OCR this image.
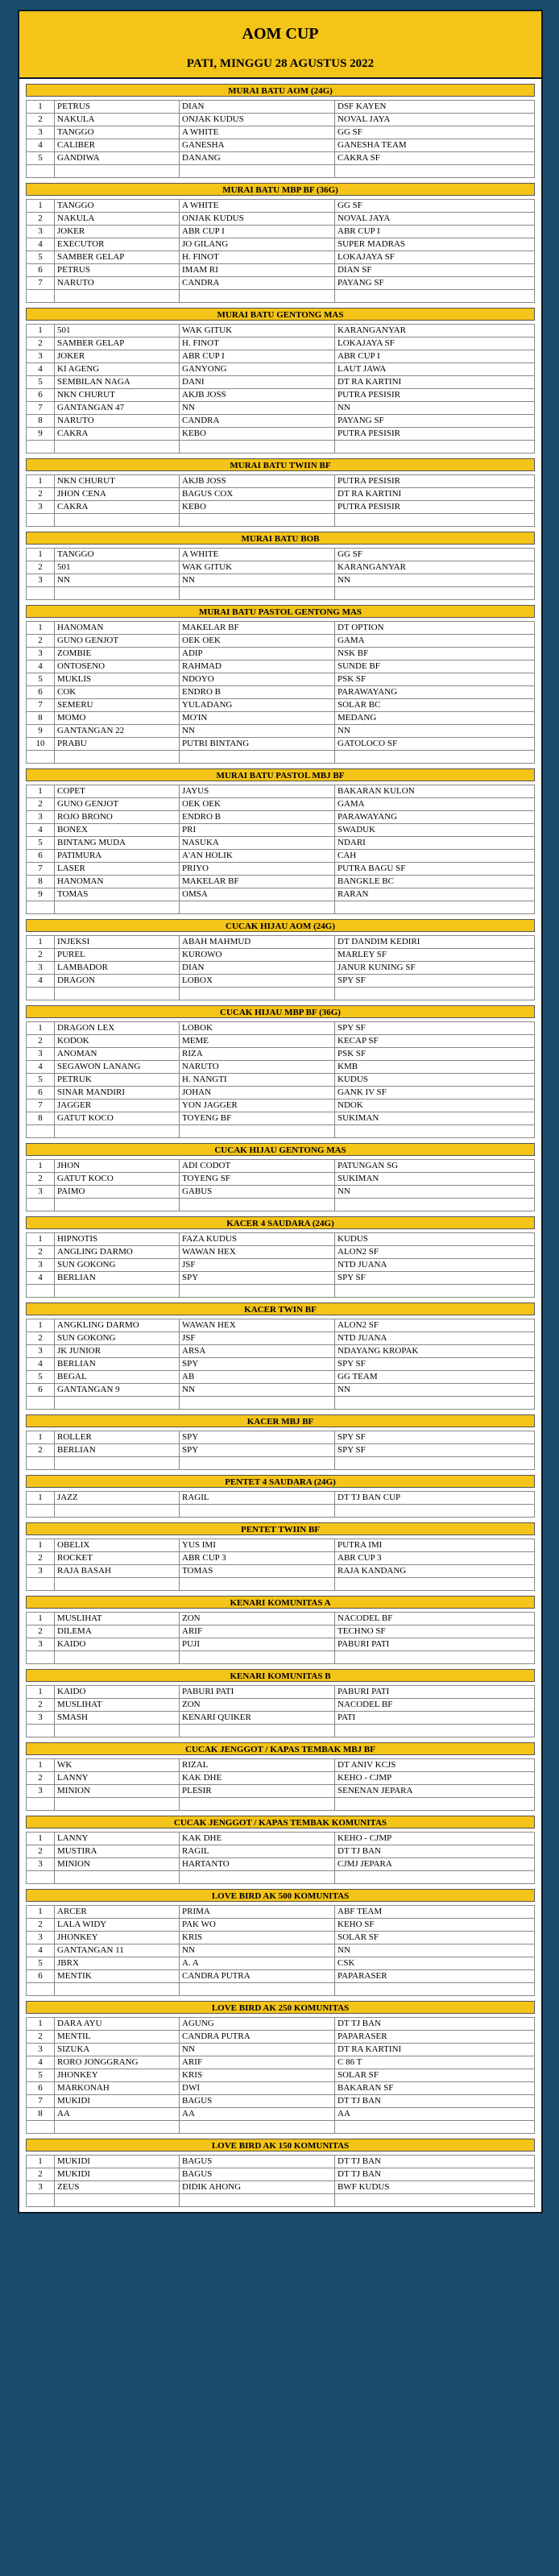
AOM CUP
PATI, MINGGU 28 AGUSTUS 2022
MURAI BATU AOM (24G)
1	PETRUS	DIAN	DSF KAYEN
2	NAKULA	ONJAK KUDUS	NOVAL JAYA
3	TANGGO	A WHITE	GG SF
4	CALIBER	GANESHA	GANESHA TEAM
5	GANDIWA	DANANG	CAKRA SF

MURAI BATU MBP BF (36G)
1	TANGGO	A WHITE	GG SF
2	NAKULA	ONJAK KUDUS	NOVAL JAYA
3	JOKER	ABR CUP I	ABR CUP I
4	EXECUTOR	JO GILANG	SUPER MADRAS
5	SAMBER GELAP	H. FINOT	LOKAJAYA SF
6	PETRUS	IMAM RI	DIAN SF
7	NARUTO	CANDRA	PAYANG SF

MURAI BATU GENTONG MAS
1	501	WAK GITUK	KARANGANYAR
2	SAMBER GELAP	H. FINOT	LOKAJAYA SF
3	JOKER	ABR CUP I	ABR CUP I
4	KI AGENG	GANYONG	LAUT JAWA
5	SEMBILAN NAGA	DANI	DT RA KARTINI
6	NKN CHURUT	AKJB JOSS	PUTRA PESISIR
7	GANTANGAN 47	NN	NN
8	NARUTO	CANDRA	PAYANG SF
9	CAKRA	KEBO	PUTRA PESISIR

MURAI BATU TWIIN BF
1	NKN CHURUT	AKJB JOSS	PUTRA PESISIR
2	JHON CENA	BAGUS COX	DT RA KARTINI
3	CAKRA	KEBO	PUTRA PESISIR

MURAI BATU BOB
1	TANGGO	A WHITE	GG SF
2	501	WAK GITUK	KARANGANYAR
3	NN	NN	NN

MURAI BATU PASTOL GENTONG MAS
1	HANOMAN	MAKELAR BF	DT OPTION
2	GUNO GENJOT	OEK OEK	GAMA
3	ZOMBIE	ADIP	NSK BF
4	ONTOSENO	RAHMAD	SUNDE BF
5	MUKLIS	NDOYO	PSK SF
6	COK	ENDRO B	PARAWAYANG
7	SEMERU	YULADANG	SOLAR BC
8	MOMO	MO'IN	MEDANG
9	GANTANGAN 22	NN	NN
10	PRABU	PUTRI BINTANG	GATOLOCO SF

MURAI BATU PASTOL MBJ BF
1	COPET	JAYUS	BAKARAN KULON
2	GUNO GENJOT	OEK OEK	GAMA
3	ROJO BRONO	ENDRO B	PARAWAYANG
4	BONEX	PRI	SWADUK
5	BINTANG MUDA	NASUKA	NDARI
6	PATIMURA	A'AN HOLIK	CAH
7	LASER	PRIYO	PUTRA BAGU SF
8	HANOMAN	MAKELAR BF	BANGKLE BC
9	TOMAS	OMSA	RARAN

CUCAK HIJAU AOM (24G)
1	INJEKSI	ABAH MAHMUD	DT DANDIM KEDIRI
2	PUREL	KUROWO	MARLEY SF
3	LAMBADOR	DIAN	JANUR KUNING SF
4	DRAGON	LOBOX	SPY SF

CUCAK HIJAU MBP BF (36G)
1	DRAGON LEX	LOBOK	SPY SF
2	KODOK	MEME	KECAP SF
3	ANOMAN	RIZA	PSK SF
4	SEGAWON LANANG	NARUTO	KMB
5	PETRUK	H. NANGTI	KUDUS
6	SINAR MANDIRI	JOHAN	GANK IV SF
7	JAGGER	YON JAGGER	NDOK
8	GATUT KOCO	TOYENG BF	SUKIMAN

CUCAK HIJAU GENTONG MAS
1	JHON	ADI CODOT	PATUNGAN SG
2	GATUT KOCO	TOYENG SF	SUKIMAN
3	PAIMO	GABUS	NN

KACER 4 SAUDARA (24G)
1	HIPNOTIS	FAZA KUDUS	KUDUS
2	ANGLING DARMO	WAWAN HEX	ALON2 SF
3	SUN GOKONG	JSF	NTD JUANA
4	BERLIAN	SPY	SPY SF

KACER TWIN BF
1	ANGKLING DARMO	WAWAN HEX	ALON2 SF
2	SUN GOKONG	JSF	NTD JUANA
3	JK JUNIOR	ARSA	NDAYANG KROPAK
4	BERLIAN	SPY	SPY SF
5	BEGAL	AB	GG TEAM
6	GANTANGAN 9	NN	NN

KACER MBJ BF
1	ROLLER	SPY	SPY SF
2	BERLIAN	SPY	SPY SF

PENTET 4 SAUDARA (24G)
1	JAZZ	RAGIL	DT TJ BAN CUP

PENTET TWIIN BF
1	OBELIX	YUS IMI	PUTRA IMI
2	ROCKET	ABR CUP 3	ABR CUP 3
3	RAJA BASAH	TOMAS	RAJA KANDANG

KENARI KOMUNITAS A
1	MUSLIHAT	ZON	NACODEL BF
2	DILEMA	ARIF	TECHNO SF
3	KAIDO	PUJI	PABURI PATI

KENARI KOMUNITAS B
1	KAIDO	PABURI PATI	PABURI PATI
2	MUSLIHAT	ZON	NACODEL BF
3	SMASH	KENARI QUIKER	PATI

CUCAK JENGGOT / KAPAS TEMBAK MBJ BF
1	WK	RIZAL	DT ANIV KCJS
2	LANNY	KAK DHE	KEHO - CJMP
3	MINION	PLESIR	SENENAN JEPARA

CUCAK JENGGOT / KAPAS TEMBAK KOMUNITAS
1	LANNY	KAK DHE	KEHO - CJMP
2	MUSTIRA	RAGIL	DT TJ BAN
3	MINION	HARTANTO	CJMJ JEPARA

LOVE BIRD AK 500 KOMUNITAS
1	ARCER	PRIMA	ABF TEAM
2	LALA WIDY	PAK WO	KEHO SF
3	JHONKEY	KRIS	SOLAR SF
4	GANTANGAN 11	NN	NN
5	JBRX	A. A	CSK
6	MENTIK	CANDRA PUTRA	PAPARASER

LOVE BIRD AK 250 KOMUNITAS
1	DARA AYU	AGUNG	DT TJ BAN
2	MENTIL	CANDRA PUTRA	PAPARASER
3	SIZUKA	NN	DT RA KARTINI
4	RORO JONGGRANG	ARIF	C 86 T
5	JHONKEY	KRIS	SOLAR SF
6	MARKONAH	DWI	BAKARAN SF
7	MUKIDI	BAGUS	DT TJ BAN
8	AA	AA	AA

LOVE BIRD AK 150 KOMUNITAS
1	MUKIDI	BAGUS	DT TJ BAN
2	MUKIDI	BAGUS	DT TJ BAN
3	ZEUS	DIDIK AHONG	BWF KUDUS
